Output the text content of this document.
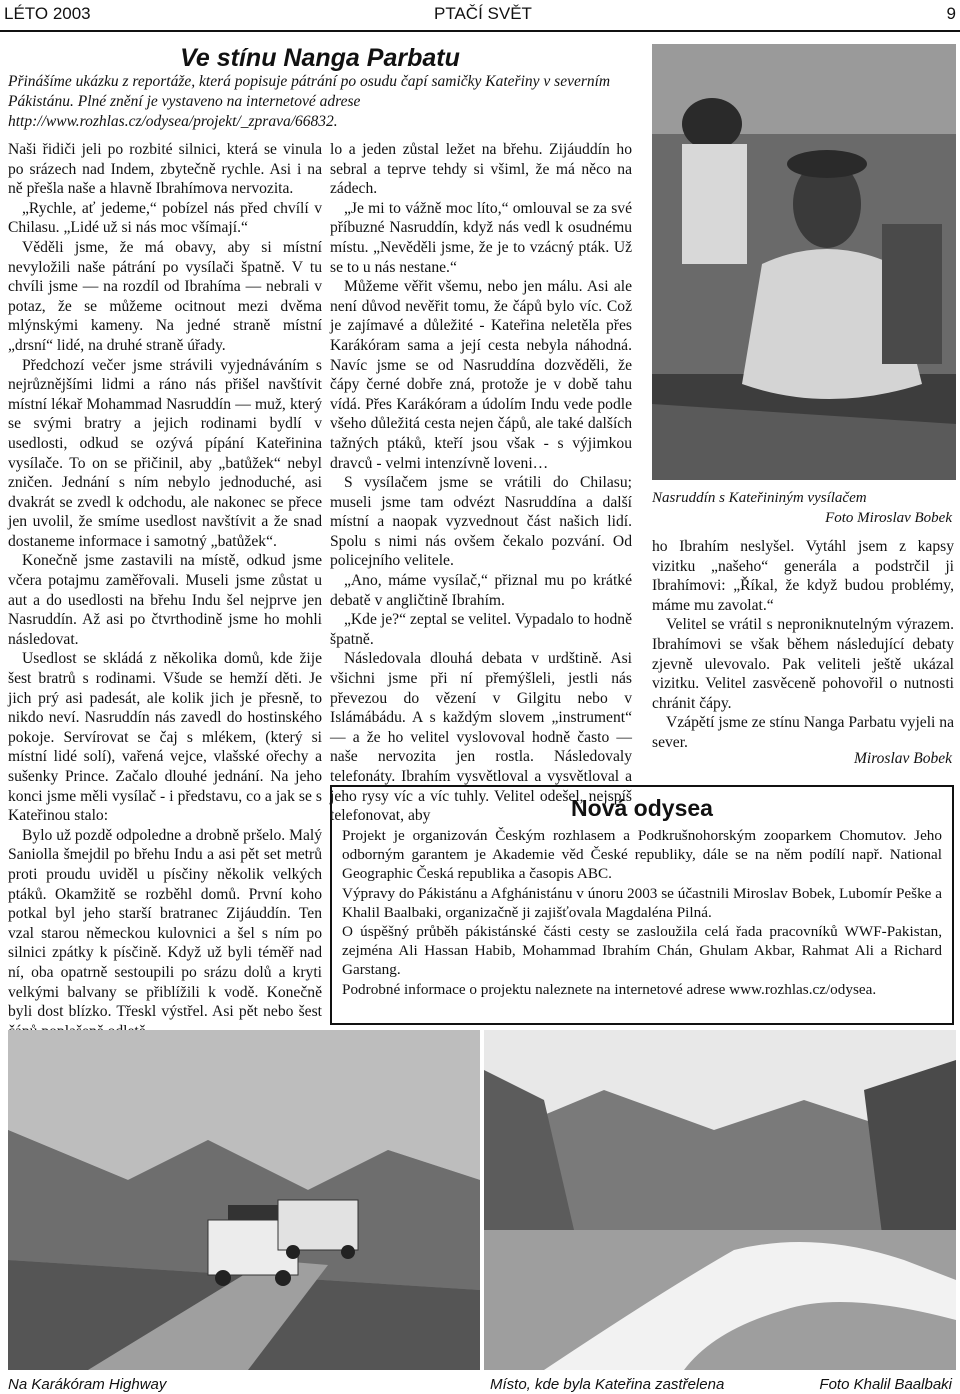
LÉTO 2003	PTAČÍ SVĚT	9
Ve stínu Nanga Parbatu
Přinášíme ukázku z reportáže, která popisuje pátrání po osudu čapí samičky Kateřiny v severním Pákistánu. Plné znění je vystaveno na internetové adrese http://www.rozhlas.cz/odysea/projekt/_zprava/66832.

Naši řidiči jeli po rozbité silnici, která se vinula po srázech nad Indem, zbytečně rychle. Asi i na ně přešla naše a hlavně Ibrahímova nervozita.

„Rychle, ať jedeme,“ pobízel nás před chvílí v Chilasu. „Lidé už si nás moc všímají.“

Věděli jsme, že má obavy, aby si místní nevyložili naše pátrání po vysílači špatně. V tu chvíli jsme — na rozdíl od Ibrahíma — nebrali v potaz, že se můžeme ocitnout mezi dvěma mlýnskými kameny. Na jedné straně místní „drsní“ lidé, na druhé straně úřady.

Předchozí večer jsme strávili vyjednáváním s nejrůznějšími lidmi a ráno nás přišel navštívit místní lékař Mohammad Nasruddín — muž, který se svými bratry a jejich rodinami bydlí v usedlosti, odkud se ozývá pípání Kateřinina vysílače. To on se přičinil, aby „batůžek“ nebyl zničen. Jednání s ním nebylo jednoduché, asi dvakrát se zvedl k odchodu, ale nakonec se přece jen uvolil, že smíme usedlost navštívit a že snad dostaneme informace i samotný „batůžek“.

Konečně jsme zastavili na místě, odkud jsme včera potajmu zaměřovali. Museli jsme zůstat u aut a do usedlosti na břehu Indu šel nejprve jen Nasruddín. Až asi po čtvrthodině jsme ho mohli následovat.

Usedlost se skládá z několika domů, kde žije šest bratrů s rodinami. Všude se hemží děti. Je jich prý asi padesát, ale kolik jich je přesně, to nikdo neví. Nasruddín nás zavedl do hostinského pokoje. Servírovat se čaj s mlékem, (který si místní lidé solí), vařená vejce, vlašské ořechy a sušenky Prince. Začalo dlouhé jednání. Na jeho konci jsme měli vysílač - i představu, co a jak se s Kateřinou stalo:

Bylo už pozdě odpoledne a drobně pršelo. Malý Saniolla šmejdil po břehu Indu a asi pět set metrů proti proudu uviděl u písčiny několik velkých ptáků. Okamžitě se rozběhl domů. První koho potkal byl jeho starší bratranec Zijáuddín. Ten vzal starou německou kulovnici a šel s ním po silnici zpátky k písčině. Když už byli téměř nad ní, oba opatrně sestoupili po srázu dolů a kryti velkými balvany se přiblížili k vodě. Konečně byli dost blízko. Třeskl výstřel. Asi pět nebo šest

lo a jeden zůstal ležet na břehu. Zijáuddín ho sebral a teprve tehdy si všiml, že má něco na zádech.

„Je mi to vážně moc líto,“ omlouval se za své příbuzné Nasruddín, když nás vedl k osudnému místu. „Nevěděli jsme, že je to vzácný pták. Už se to u nás nestane.“

Můžeme věřit všemu, nebo jen málu. Asi ale není důvod nevěřit tomu, že čápů bylo víc. Což je zajímavé a důležité - Kateřina neletěla přes Karákóram sama a její cesta nebyla náhodná. Navíc jsme se od Nasruddína dozvěděli, že čápy černé dobře zná, protože je v době tahu vídá. Přes Karákóram a údolím Indu vede podle všeho důležitá cesta nejen čápů, ale také dalších tažných ptáků, kteří jsou však - s výjimkou dravců - velmi intenzívně loveni…

S vysílačem jsme se vrátili do Chilasu; museli jsme tam odvézt Nasruddína a další místní a naopak vyzvednout část našich lidí. Spolu s nimi nás ovšem čekalo pozvání. Od policejního velitele.

„Ano, máme vysílač,“ přiznal mu po krátké debatě v angličtině Ibrahím.

„Kde je?“ zeptal se velitel. Vypadalo to hodně špatně.

Následovala dlouhá debata v urdštině. Asi všichni jsme při ní přemýšleli, jestli nás převezou do vězení v Gilgitu nebo v Islámábádu. A s každým slovem „instrument“ — a že ho velitel vyslovoval hodně často — naše nervozita jen rostla. Následovaly telefonáty. Ibrahím vysvětloval a vysvětloval a jeho rysy víc a víc tuhly. Velitel odešel, nejspíš telefonovat, aby

Nasruddín s Kateřininým vysílačem
Foto Miroslav Bobek

ho Ibrahím neslyšel. Vytáhl jsem z kapsy vizitku „našeho“ generála a podstrčil ji Ibrahímovi: „Říkal, že když budou problémy, máme mu zavolat.“

Velitel se vrátil s neproniknutelným výrazem. Ibrahímovi se však během následující debaty zjevně ulevovalo. Pak veliteli ještě ukázal vizitku. Velitel zasvěceně pohovořil o nutnosti chránit čápy.

Vzápětí jsme ze stínu Nanga Parbatu vyjeli na sever.

Miroslav Bobek
Nová odysea

Projekt je organizován Českým rozhlasem a Podkrušnohorským zooparkem Chomutov. Jeho odborným garantem je Akademie věd České republiky, dále se na něm podílí např. National Geographic Česká republika a časopis ABC.

Výpravy do Pákistánu a Afghánistánu v únoru 2003 se účastnili Miroslav Bobek, Lubomír Peške a Khalil Baalbaki, organizačně ji zajišťovala Magdaléna Pilná.

O úspěšný průběh pákistánské části cesty se zasloužila celá řada pracovníků WWF-Pakistan, zejména Ali Hassan Habib, Mohammad Ibrahím Chán, Ghulam Akbar, Rahmat Ali a Richard Garstang.

Podrobné informace o projektu naleznete na internetové adrese www.rozhlas.cz/odysea.

Na Karákóram Highway	Místo, kde byla Kateřina zastřelena	Foto Khalil Baalbaki
